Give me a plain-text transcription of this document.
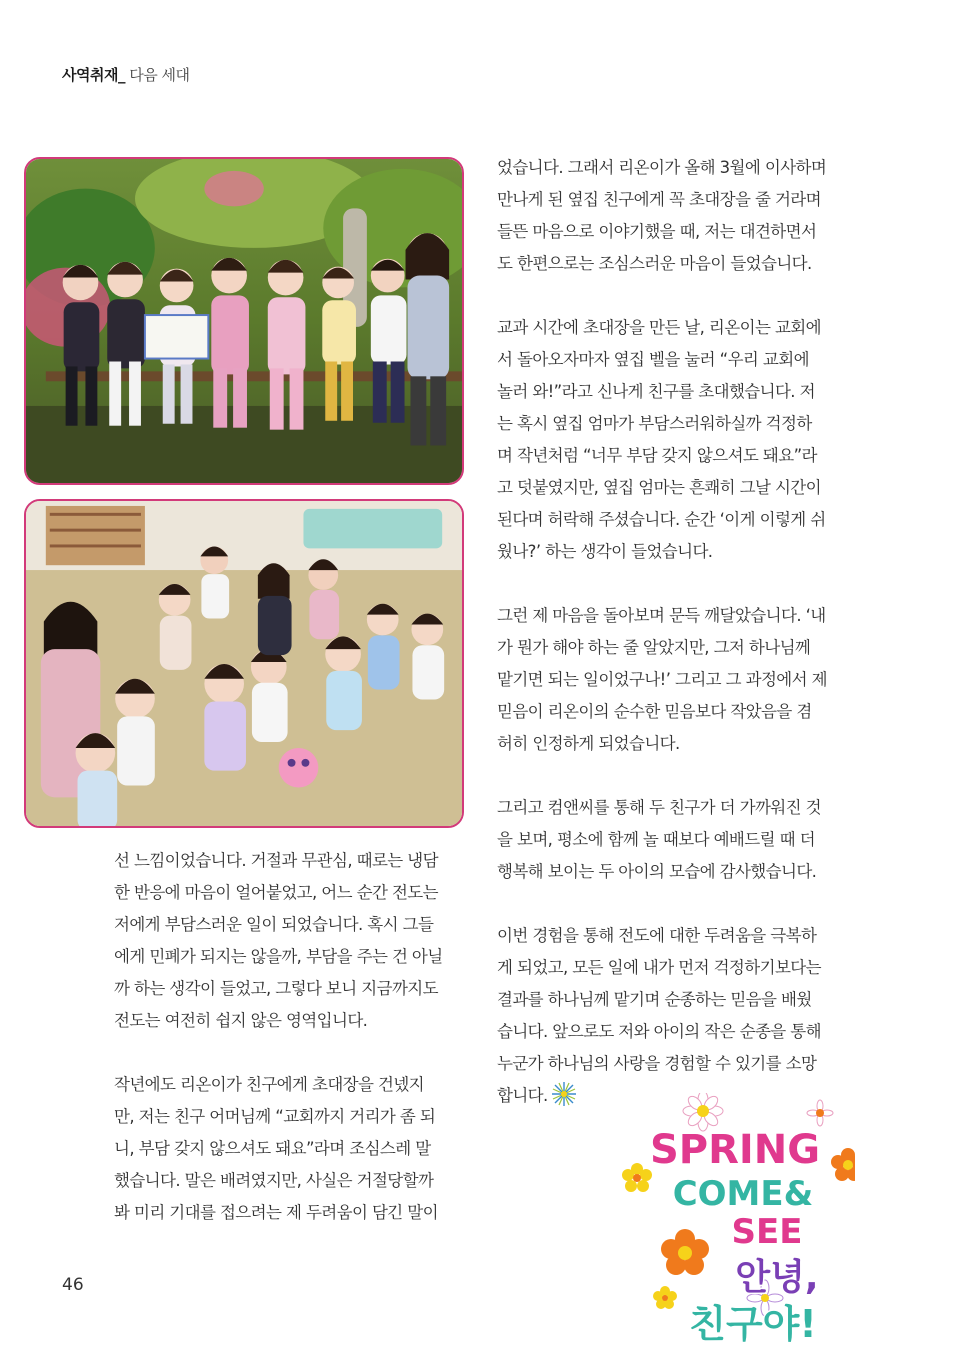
사역취재_ 다음 세대

선 느낌이었습니다. 거절과 무관심, 때로는 냉담
한 반응에 마음이 얼어붙었고, 어느 순간 전도는
저에게 부담스러운 일이 되었습니다. 혹시 그들
에게 민폐가 되지는 않을까, 부담을 주는 건 아닐
까 하는 생각이 들었고, 그렇다 보니 지금까지도
전도는 여전히 쉽지 않은 영역입니다.

작년에도 리온이가 친구에게 초대장을 건넸지
만, 저는 친구 어머님께 “교회까지 거리가 좀 되
니, 부담 갖지 않으셔도 돼요”라며 조심스레 말
했습니다. 말은 배려였지만, 사실은 거절당할까
봐 미리 기대를 접으려는 제 두려움이 담긴 말이

었습니다. 그래서 리온이가 올해 3월에 이사하며
만나게 된 옆집 친구에게 꼭 초대장을 줄 거라며
들뜬 마음으로 이야기했을 때, 저는 대견하면서
도 한편으로는 조심스러운 마음이 들었습니다.

교과 시간에 초대장을 만든 날, 리온이는 교회에
서 돌아오자마자 옆집 벨을 눌러 “우리 교회에
놀러 와!”라고 신나게 친구를 초대했습니다. 저
는 혹시 옆집 엄마가 부담스러워하실까 걱정하
며 작년처럼 “너무 부담 갖지 않으셔도 돼요”라
고 덧붙였지만, 옆집 엄마는 흔쾌히 그날 시간이
된다며 허락해 주셨습니다. 순간 ‘이게 이렇게 쉬
웠나?’ 하는 생각이 들었습니다.

그런 제 마음을 돌아보며 문득 깨달았습니다. ‘내
가 뭔가 해야 하는 줄 알았지만, 그저 하나님께
맡기면 되는 일이었구나!’ 그리고 그 과정에서 제
믿음이 리온이의 순수한 믿음보다 작았음을 겸
허히 인정하게 되었습니다.

그리고 컴앤씨를 통해 두 친구가 더 가까워진 것
을 보며, 평소에 함께 놀 때보다 예배드릴 때 더
행복해 보이는 두 아이의 모습에 감사했습니다.

이번 경험을 통해 전도에 대한 두려움을 극복하
게 되었고, 모든 일에 내가 먼저 걱정하기보다는
결과를 하나님께 맡기며 순종하는 믿음을 배웠
습니다. 앞으로도 저와 아이의 작은 순종을 통해
누군가 하나님의 사랑을 경험할 수 있기를 소망
합니다.

46
SPRING
COME&
SEE
안녕,
친구야!
